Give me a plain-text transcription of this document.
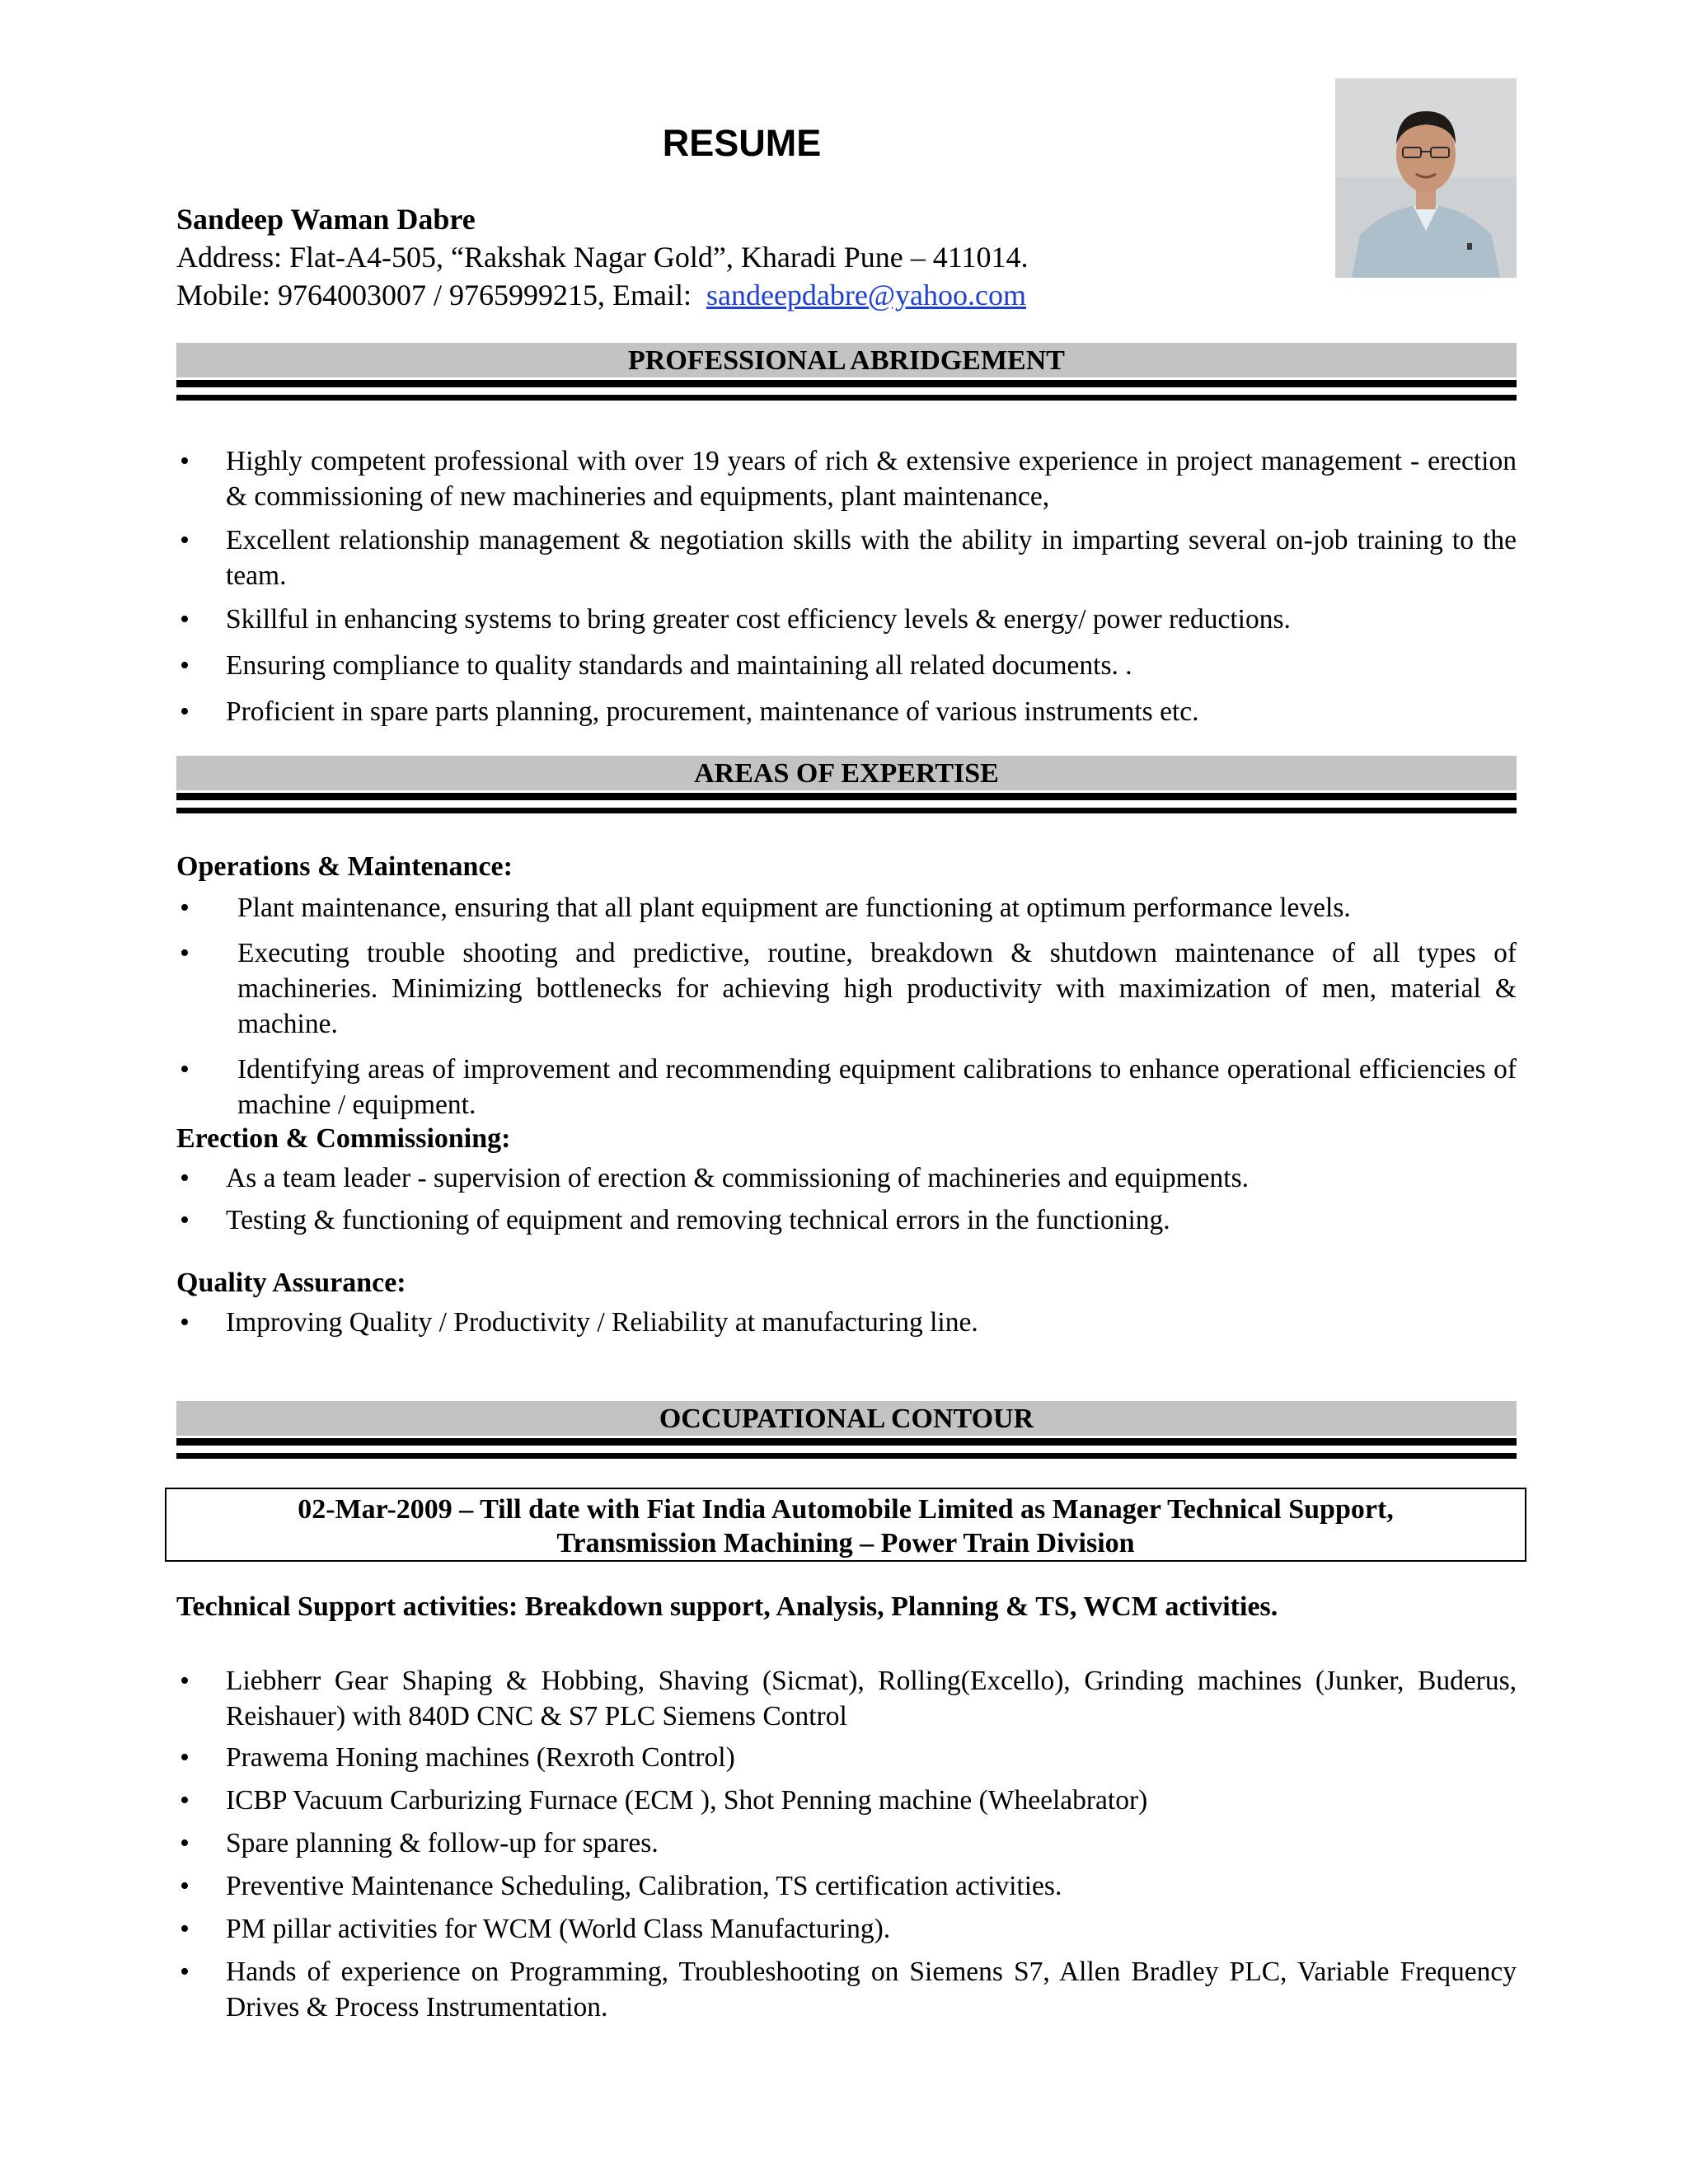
RESUME
Sandeep Waman Dabre
Address: Flat-A4-505, “Rakshak Nagar Gold”, Kharadi Pune – 411014.
Mobile: 9764003007 / 9765999215, Email:  sandeepdabre@yahoo.com
PROFESSIONAL ABRIDGEMENT
• Highly competent professional with over 19 years of rich & extensive experience in project management - erection & commissioning of new machineries and equipments, plant maintenance,
• Excellent relationship management & negotiation skills with the ability in imparting several on-job training to the team.
• Skillful in enhancing systems to bring greater cost efficiency levels & energy/ power reductions.
• Ensuring compliance to quality standards and maintaining all related documents. .
• Proficient in spare parts planning, procurement, maintenance of various instruments etc.
AREAS OF EXPERTISE
Operations & Maintenance:
• Plant maintenance, ensuring that all plant equipment are functioning at optimum performance levels.
• Executing trouble shooting and predictive, routine, breakdown & shutdown maintenance of all types of machineries. Minimizing bottlenecks for achieving high productivity with maximization of men, material & machine.
• Identifying areas of improvement and recommending equipment calibrations to enhance operational efficiencies of machine / equipment.
Erection & Commissioning:
• As a team leader - supervision of erection & commissioning of machineries and equipments.
• Testing & functioning of equipment and removing technical errors in the functioning.
Quality Assurance:
• Improving Quality / Productivity / Reliability at manufacturing line.
OCCUPATIONAL CONTOUR
02-Mar-2009 – Till date with Fiat India Automobile Limited as Manager Technical Support,
Transmission Machining – Power Train Division
Technical Support activities: Breakdown support, Analysis, Planning & TS, WCM activities.
• Liebherr Gear Shaping & Hobbing, Shaving (Sicmat), Rolling(Excello), Grinding machines (Junker, Buderus, Reishauer) with 840D CNC & S7 PLC Siemens Control
• Prawema Honing machines (Rexroth Control)
• ICBP Vacuum Carburizing Furnace (ECM ), Shot Penning machine (Wheelabrator)
• Spare planning & follow-up for spares.
• Preventive Maintenance Scheduling, Calibration, TS certification activities.
• PM pillar activities for WCM (World Class Manufacturing).
• Hands of experience on Programming, Troubleshooting on Siemens S7, Allen Bradley PLC, Variable Frequency Drives & Process Instrumentation.
